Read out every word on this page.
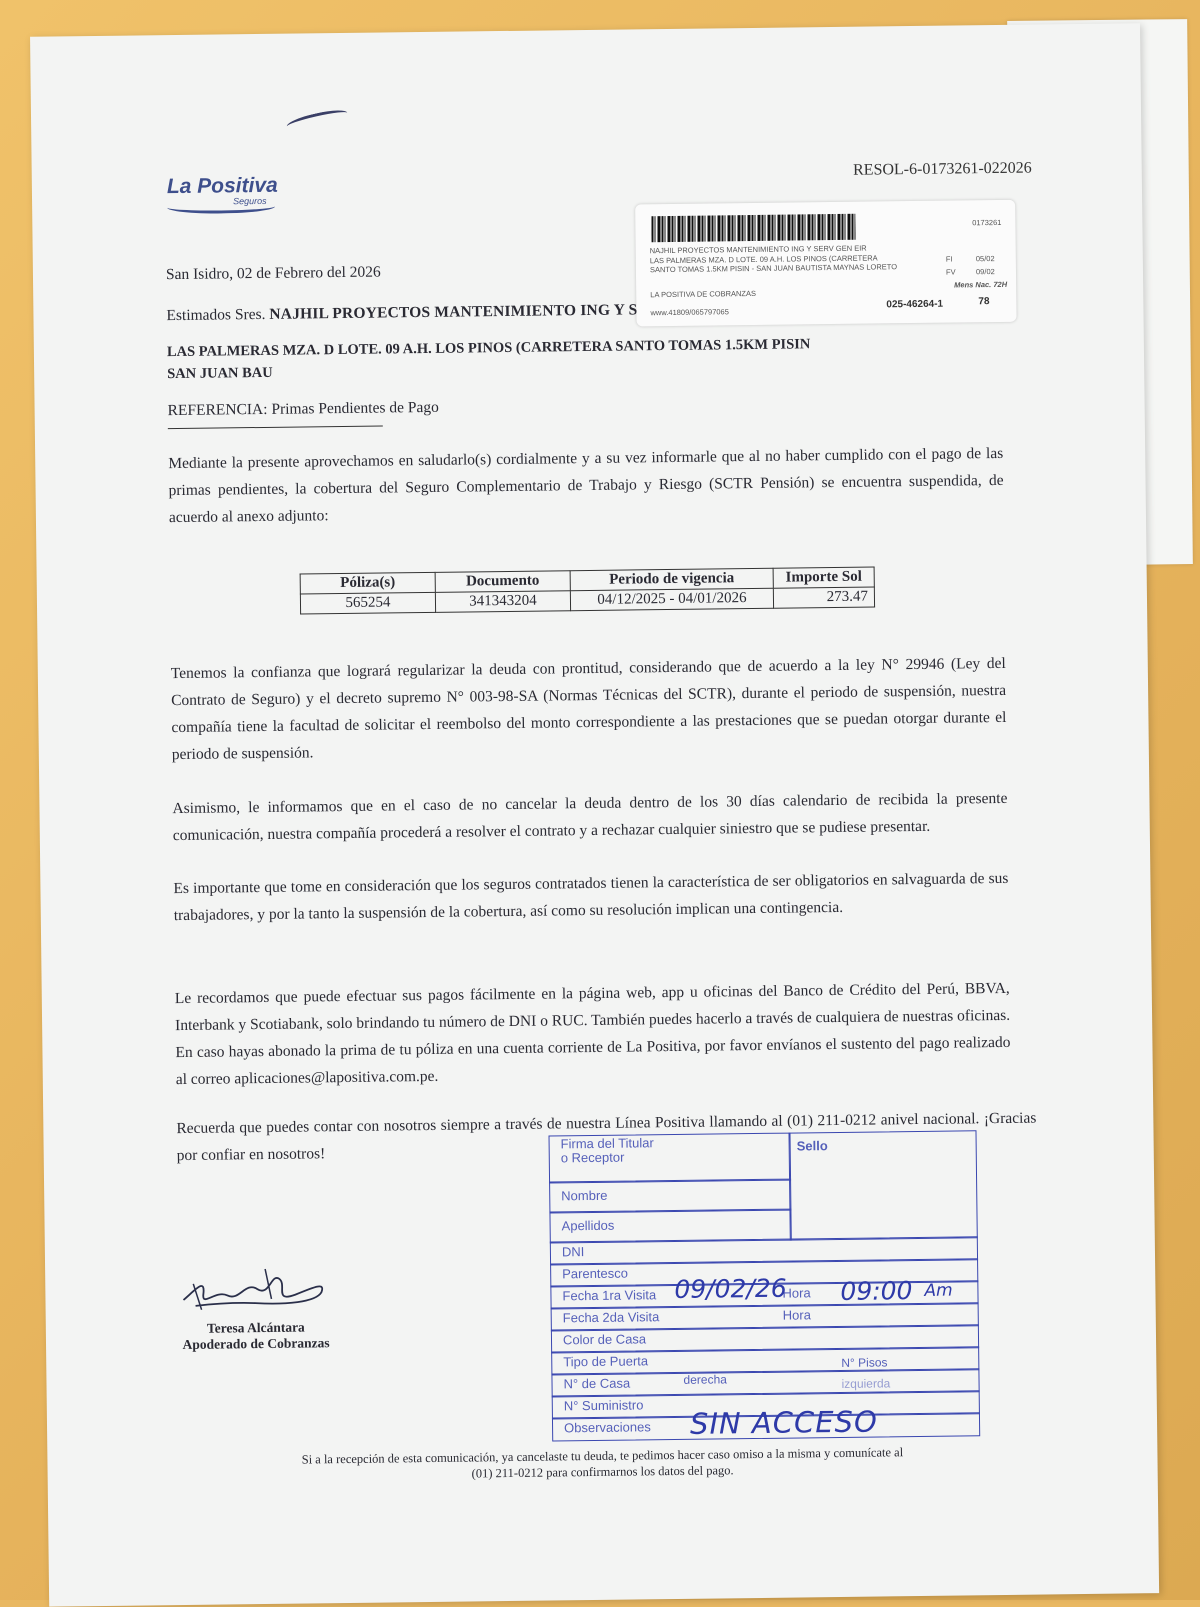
La Positiva
Seguros
RESOL-6-0173261-022026
0173261
NAJHIL PROYECTOS MANTENIMIENTO ING Y SERV GEN EIR
LAS PALMERAS MZA. D LOTE. 09 A.H. LOS PINOS (CARRETERA
SANTO TOMAS 1.5KM PISIN - SAN JUAN BAUTISTA MAYNAS LORETO
FI	05/02
FV	09/02
Mens Nac. 72H
LA POSITIVA DE COBRANZAS
www.41809/065797065
025-46264-1	78
San Isidro, 02 de Febrero del 2026
Estimados Sres. NAJHIL PROYECTOS MANTENIMIENTO ING Y S
LAS PALMERAS MZA. D LOTE. 09 A.H. LOS PINOS (CARRETERA SANTO TOMAS 1.5KM PISIN
SAN JUAN BAU
REFERENCIA: Primas Pendientes de Pago
Mediante la presente aprovechamos en saludarlo(s) cordialmente y a su vez informarle que al no haber cumplido con el pago de las primas pendientes, la cobertura del Seguro Complementario de Trabajo y Riesgo (SCTR Pensión) se encuentra suspendida, de acuerdo al anexo adjunto:
Póliza(s)	Documento	Periodo de vigencia	Importe Sol
565254	341343204	04/12/2025 - 04/01/2026	273.47
Tenemos la confianza que logrará regularizar la deuda con prontitud, considerando que de acuerdo a la ley N° 29946 (Ley del Contrato de Seguro) y el decreto supremo N° 003-98-SA (Normas Técnicas del SCTR), durante el periodo de suspensión, nuestra compañía tiene la facultad de solicitar el reembolso del monto correspondiente a las prestaciones que se puedan otorgar durante el periodo de suspensión.
Asimismo, le informamos que en el caso de no cancelar la deuda dentro de los 30 días calendario de recibida la presente comunicación, nuestra compañía procederá a resolver el contrato y a rechazar cualquier siniestro que se pudiese presentar.
Es importante que tome en consideración que los seguros contratados tienen la característica de ser obligatorios en salvaguarda de sus trabajadores, y por la tanto la suspensión de la cobertura, así como su resolución implican una contingencia.
Le recordamos que puede efectuar sus pagos fácilmente en la página web, app u oficinas del Banco de Crédito del Perú, BBVA, Interbank y Scotiabank, solo brindando tu número de DNI o RUC. También puedes hacerlo a través de cualquiera de nuestras oficinas. En caso hayas abonado la prima de tu póliza en una cuenta corriente de La Positiva, por favor envíanos el sustento del pago realizado al correo aplicaciones@lapositiva.com.pe.
Recuerda que puedes contar con nosotros siempre a través de nuestra Línea Positiva llamando al (01) 211-0212 anivel nacional. ¡Gracias por confiar en nosotros!
Teresa Alcántara
Apoderado de Cobranzas
Firma del Titular
o Receptor
Sello
Nombre
Apellidos
DNI
Parentesco
Fecha 1ra Visita	Hora
Fecha 2da Visita	Hora
Color de Casa
Tipo de Puerta	N° Pisos
N° de Casa	derecha	izquierda
N° Suministro
Observaciones
09/02/26 09:00 Am
SIN ACCESO
Si a la recepción de esta comunicación, ya cancelaste tu deuda, te pedimos hacer caso omiso a la misma y comunícate al
(01) 211-0212 para confirmarnos los datos del pago.
